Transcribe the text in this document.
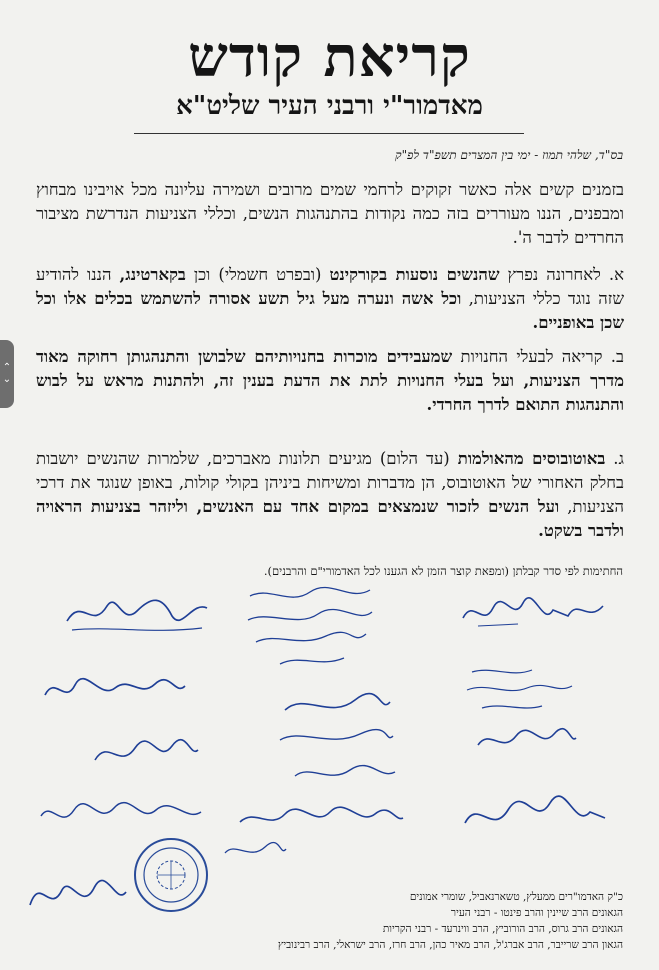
קריאת קודש
מאדמור"י ורבני העיר שליט"א
בס"ד, שלהי תמוז - ימי בין המצרים תשפ"ד לפ"ק

בזמנים קשים אלה כאשר זקוקים לרחמי שמים מרובים ושמירה עליונה מכל אויבינו מבחוץ ומבפנים, הננו מעוררים בזה כמה נקודות בהתנהגות הנשים, וכללי הצניעות הנדרשת מציבור החרדים לדבר ה'.

א. לאחרונה נפרץ שהנשים נוסעות בקורקינט (ובפרט חשמלי) וכן בקארטינג, הננו להודיע שזה נוגד כללי הצניעות, וכל אשה ונערה מעל גיל תשע אסורה להשתמש בכלים אלו וכל שכן באופניים.

ב. קריאה לבעלי החנויות שמעבידים מוכרות בחנויותיהם שלבושן והתנהגותן רחוקה מאוד מדרך הצניעות, ועל בעלי החנויות לתת את הדעת בענין זה, ולהתנות מראש על לבוש והתנהגות התואם לדרך החרדי.

ג. באוטובוסים מהאולמות (עד הלום) מגיעים תלונות מאברכים, שלמרות שהנשים יושבות בחלק האחורי של האוטובוס, הן מדברות ומשיחות ביניהן בקולי קולות, באופן שנוגד את דרכי הצניעות, ועל הנשים לזכור שנמצאים במקום אחד עם האנשים, וליזהר בצניעות הראויה ולדבר בשקט.

החתימות לפי סדר קבלתן (ומפאת קוצר הזמן לא הגענו לכל האדמורי"ם והרבנים).
כ"ק האדמו"רים ממעלץ, טשארנאביל, שומרי אמונים
הגאונים הרב שיינין והרב פינטו - רבני העיר
הגאונים הרב גרוס, הרב הורוביץ, הרב ווינרעד - רבני הקריות
הגאון הרב שרייבר, הרב אברג'ל, הרב מאיר כהן, הרב חרז, הרב ישראלי, הרב רבינוביץ
⌃
⌄
